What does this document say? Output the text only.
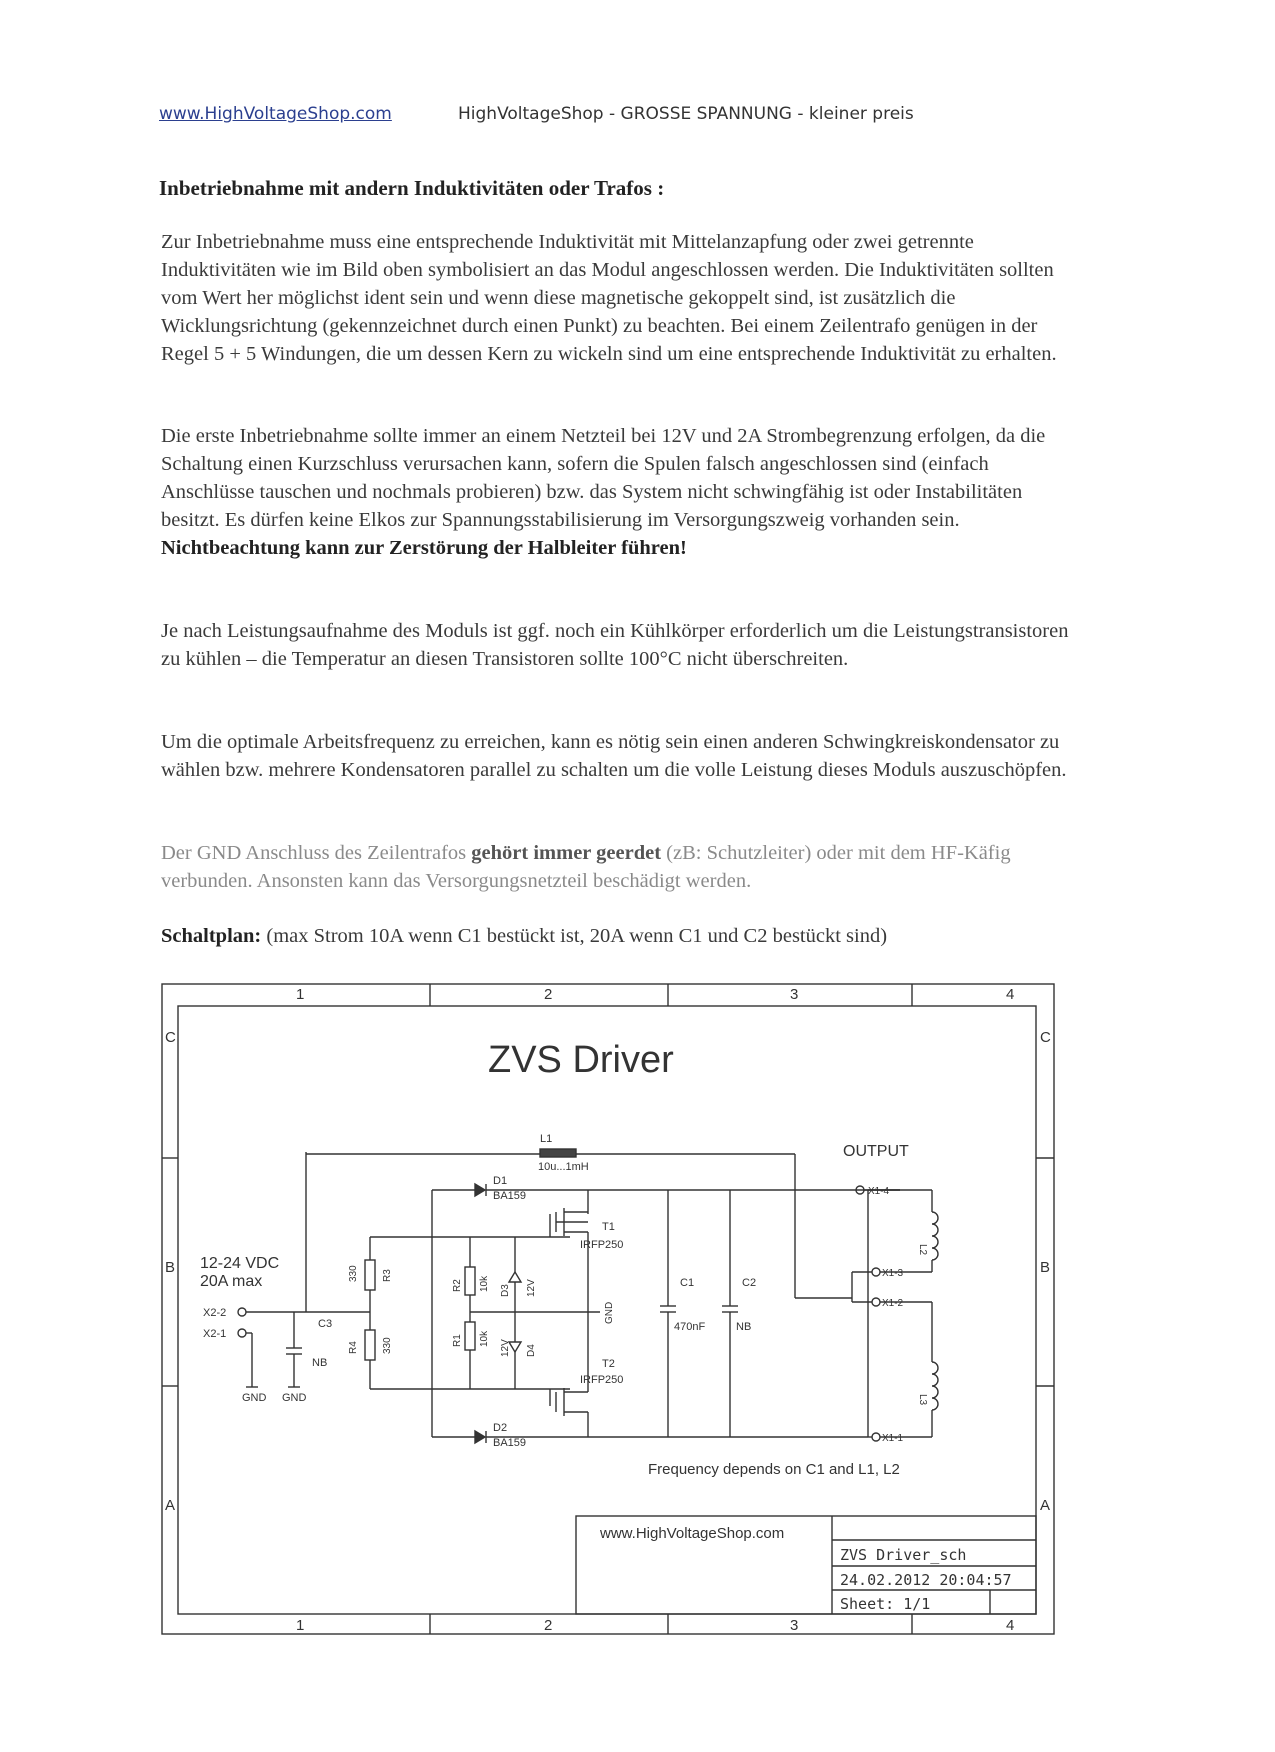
www.HighVoltageShop.com	HighVoltageShop - GROSSE SPANNUNG - kleiner preis
Inbetriebnahme mit andern Induktivitäten oder Trafos :

Zur Inbetriebnahme muss eine entsprechende Induktivität mit Mittelanzapfung oder zwei getrennte Induktivitäten wie im Bild oben symbolisiert an das Modul angeschlossen werden. Die Induktivitäten sollten vom Wert her möglichst ident sein und wenn diese magnetische gekoppelt sind, ist zusätzlich die Wicklungsrichtung (gekennzeichnet durch einen Punkt) zu beachten. Bei einem Zeilentrafo genügen in der Regel 5 + 5 Windungen, die um dessen Kern zu wickeln sind um eine entsprechende Induktivität zu erhalten.

Die erste Inbetriebnahme sollte immer an einem Netzteil bei 12V und 2A Strombegrenzung erfolgen, da die Schaltung einen Kurzschluss verursachen kann, sofern die Spulen falsch angeschlossen sind (einfach Anschlüsse tauschen und nochmals probieren) bzw. das System nicht schwingfähig ist oder Instabilitäten besitzt. Es dürfen keine Elkos zur Spannungsstabilisierung im Versorgungszweig vorhanden sein. Nichtbeachtung kann zur Zerstörung der Halbleiter führen!

Je nach Leistungsaufnahme des Moduls ist ggf. noch ein Kühlkörper erforderlich um die Leistungstransistoren zu kühlen – die Temperatur an diesen Transistoren sollte 100°C nicht überschreiten.

Um die optimale Arbeitsfrequenz zu erreichen, kann es nötig sein einen anderen Schwingkreiskondensator zu wählen bzw. mehrere Kondensatoren parallel zu schalten um die volle Leistung dieses Moduls auszuschöpfen.

Der GND Anschluss des Zeilentrafos gehört immer geerdet (zB: Schutzleiter) oder mit dem HF-Käfig verbunden. Ansonsten kann das Versorgungsnetzteil beschädigt werden.

Schaltplan: (max Strom 10A wenn C1 bestückt ist, 20A wenn C1 und C2 bestückt sind)

1	2	3	4
1	2	3	4
C
B
A
C
B
A
ZVS Driver
L1
10u...1mH
D1
BA159
D2
BA159
330 R3
R4 330
R2 10k
R1 10k
D3 12V
12V D4
GND
T1
IRFP250
T2
IRFP250
C1
470nF
C2
NB
12-24 VDC
20A max
X2-2
X2-1
C3
NB
GND GND
OUTPUT
X1-4
X1-3
X1-2
X1-1
L2
L3
Frequency depends on C1 and L1, L2
www.HighVoltageShop.com
ZVS Driver_sch
24.02.2012 20:04:57
Sheet: 1/1
